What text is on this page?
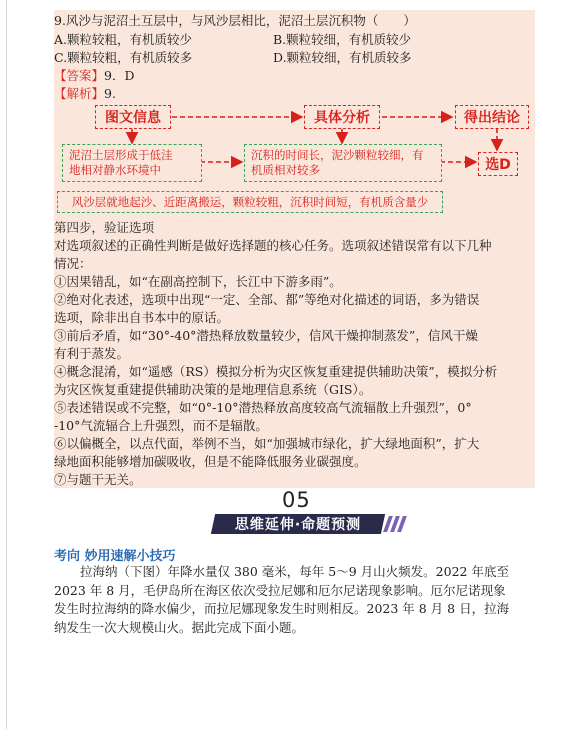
9.风沙与泥沼土互层中，与风沙层相比，泥沼土层沉积物（　　）
A.颗粒较粗，有机质较少	B.颗粒较细，有机质较少
C.颗粒较粗，有机质较多	D.颗粒较细，有机质较多
【答案】9．D
【解析】9.
图文信息	具体分析	得出结论
泥沼土层形成于低洼
地相对静水环境中
沉积的时间长，泥沙颗粒较细，有
机质相对较多	选D
风沙层就地起沙、近距离搬运，颗粒较粗，沉积时间短，有机质含量少
第四步，验证选项
对选项叙述的正确性判断是做好选择题的核心任务。选项叙述错误常有以下几种
情况：
①因果错乱，如“在副高控制下，长江中下游多雨”。
②绝对化表述，选项中出现“一定、全部、都”等绝对化描述的词语，多为错误
选项，除非出自书本中的原话。
③前后矛盾，如“30°-40°潜热释放数量较少，信风干燥抑制蒸发”，信风干燥
有利于蒸发。
④概念混淆，如“遥感（RS）模拟分析为灾区恢复重建提供辅助决策”，模拟分析
为灾区恢复重建提供辅助决策的是地理信息系统（GIS）。
⑤表述错误或不完整，如“0°-10°潜热释放高度较高气流辐散上升强烈”，0°
-10°气流辐合上升强烈，而不是辐散。
⑥以偏概全，以点代面，举例不当，如“加强城市绿化，扩大绿地面积”，扩大
绿地面积能够增加碳吸收，但是不能降低服务业碳强度。
⑦与题干无关。
05
思维延伸·命题预测
考向 妙用速解小技巧
拉海纳（下图）年降水量仅 380 毫米，每年 5～9 月山火频发。2022 年底至
2023 年 8 月，毛伊岛所在海区依次受拉尼娜和厄尔尼诺现象影响。厄尔尼诺现象
发生时拉海纳的降水偏少，而拉尼娜现象发生时则相反。2023 年 8 月 8 日，拉海
纳发生一次大规模山火。据此完成下面小题。
